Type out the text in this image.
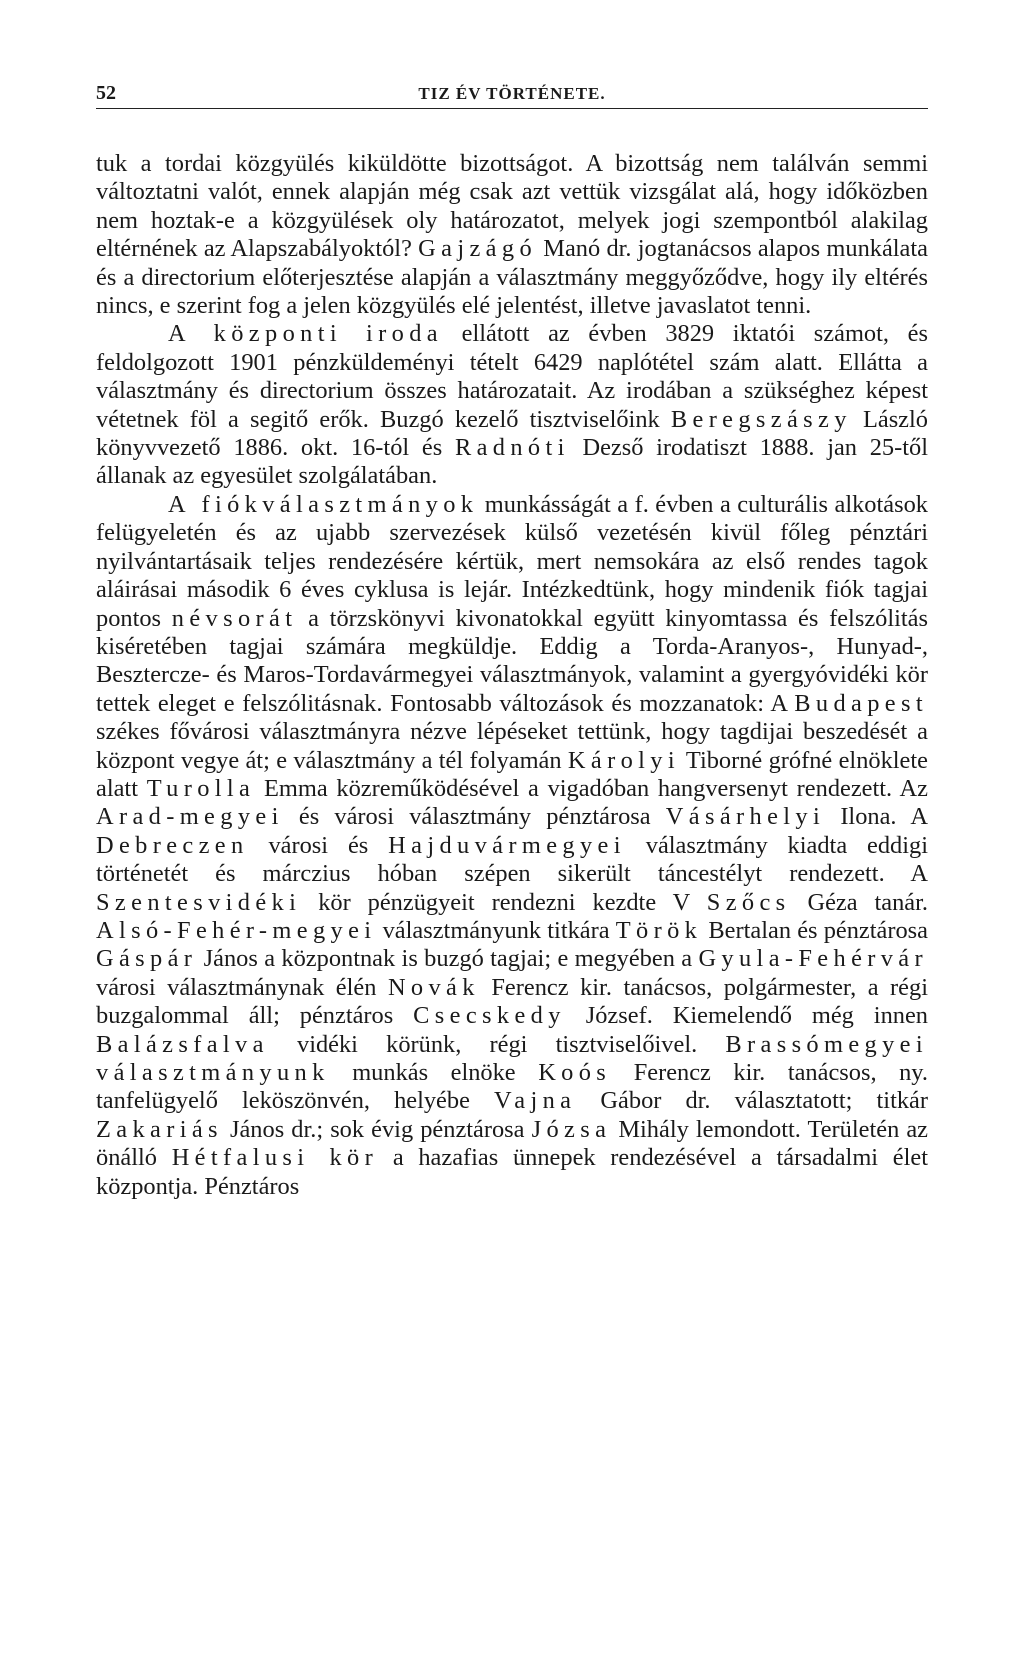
52	TIZ ÉV TÖRTÉNETE.

tuk a tordai közgyülés kiküldötte bizottságot. A bizottság nem találván semmi változtatni valót, ennek alapján még csak azt vettük vizsgálat alá, hogy időközben nem hoztak-e a közgyülések oly határozatot, melyek jogi szempontból alakilag eltérnének az Alapszabályoktól? Gajzágó Manó dr. jogtanácsos alapos munkálata és a directorium előterjesztése alapján a választmány meggyőződve, hogy ily eltérés nincs, e szerint fog a jelen közgyülés elé jelentést, illetve javaslatot tenni.

A központi iroda ellátott az évben 3829 iktatói számot, és feldolgozott 1901 pénzküldeményi tételt 6429 naplótétel szám alatt. Ellátta a választmány és directorium összes határozatait. Az irodában a szükséghez képest vétetnek föl a segitő erők. Buzgó kezelő tisztviselőink Beregszászy László könyvvezető 1886. okt. 16-tól és Radnóti Dezső irodatiszt 1888. jan 25-től állanak az egyesület szolgálatában.

A fiókválasztmányok munkásságát a f. évben a culturális alkotások felügyeletén és az ujabb szervezések külső vezetésén kivül főleg pénztári nyilvántartásaik teljes rendezésére kértük, mert nemsokára az első rendes tagok aláirásai második 6 éves cyklusa is lejár. Intézkedtünk, hogy mindenik fiók tagjai pontos névsorát a törzskönyvi kivonatokkal együtt kinyomtassa és felszólitás kiséretében tagjai számára megküldje. Eddig a Torda-Aranyos-, Hunyad-, Besztercze- és Maros-Tordavármegyei választmányok, valamint a gyergyóvidéki kör tettek eleget e felszólitásnak. Fontosabb változások és mozzanatok: A Budapest székes fővárosi választmányra nézve lépéseket tettünk, hogy tagdijai beszedését a központ vegye át; e választmány a tél folyamán Károlyi Tiborné grófné elnöklete alatt Turolla Emma közreműködésével a vigadóban hangversenyt rendezett. Az Arad-megyei és városi választmány pénztárosa Vásárhelyi Ilona. A Debreczen városi és Hajduvármegyei választmány kiadta eddigi történetét és márczius hóban szépen sikerült táncestélyt rendezett. A Szentesvidéki kör pénzügyeit rendezni kezdte V Szőcs Géza tanár. Alsó-Fehér-megyei választmányunk titkára Török Bertalan és pénztárosa Gáspár János a központnak is buzgó tagjai; e megyében a Gyula-Fehérvár városi választmánynak élén Novák Ferencz kir. tanácsos, polgármester, a régi buzgalommal áll; pénztáros Csecskedy József. Kiemelendő még innen Balázsfalva vidéki körünk, régi tisztviselőivel. Brassómegyei választmányunk munkás elnöke Koós Ferencz kir. tanácsos, ny. tanfelügyelő leköszönvén, helyébe Vajna Gábor dr. választatott; titkár Zakariás János dr.; sok évig pénztárosa Józsa Mihály lemondott. Területén az önálló Hétfalusi kör a hazafias ünnepek rendezésével a társadalmi élet központja. Pénztáros
